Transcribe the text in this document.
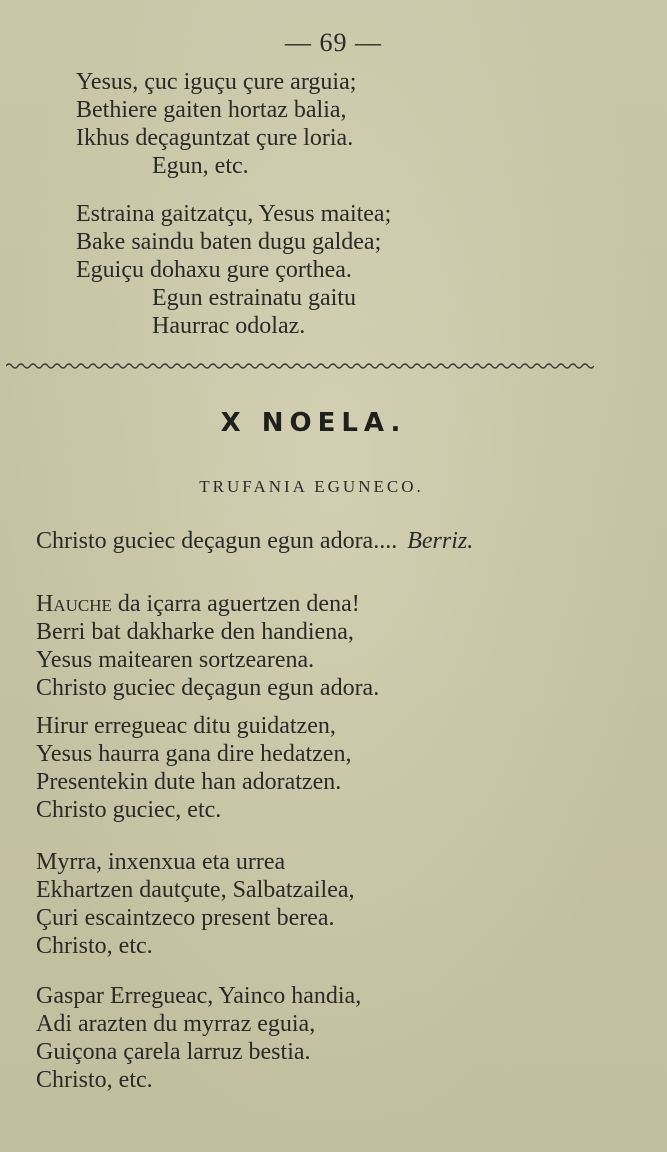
— 69 —
Yesus, çuc iguçu çure arguia;
Bethiere gaiten hortaz balia,
Ikhus deçaguntzat çure loria.
Egun, etc.
Estraina gaitzatçu, Yesus maitea;
Bake saindu baten dugu galdea;
Eguiçu dohaxu gure çorthea.
Egun estrainatu gaitu
Haurrac odolaz.
X NOELA.
TRUFANIA EGUNECO.
Christo guciec deçagun egun adora.... Berriz.
Hauche da içarra aguertzen dena!
Berri bat dakharke den handiena,
Yesus maitearen sortzearena.
Christo guciec deçagun egun adora.
Hirur erregueac ditu guidatzen,
Yesus haurra gana dire hedatzen,
Presentekin dute han adoratzen.
Christo guciec, etc.
Myrra, inxenxua eta urrea
Ekhartzen dautçute, Salbatzailea,
Çuri escaintzeco present berea.
Christo, etc.
Gaspar Erregueac, Yainco handia,
Adi arazten du myrraz eguia,
Guiçona çarela larruz bestia.
Christo, etc.
